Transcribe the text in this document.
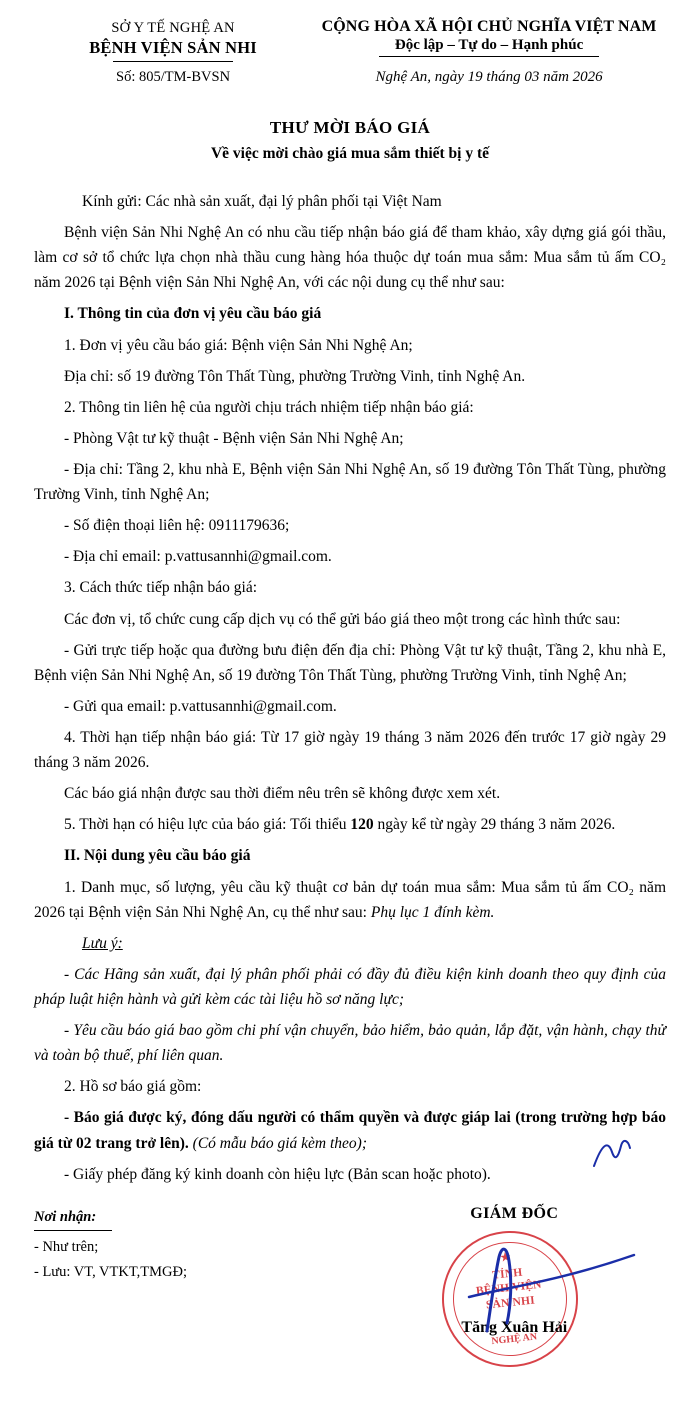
SỞ Y TẾ NGHỆ AN
BỆNH VIỆN SẢN NHI
Số: 805/TM-BVSN
CỘNG HÒA XÃ HỘI CHỦ NGHĨA VIỆT NAM
Độc lập – Tự do – Hạnh phúc
Nghệ An, ngày 19 tháng 03 năm 2026
THƯ MỜI BÁO GIÁ
Về việc mời chào giá mua sắm thiết bị y tế

Kính gửi: Các nhà sản xuất, đại lý phân phối tại Việt Nam

Bệnh viện Sản Nhi Nghệ An có nhu cầu tiếp nhận báo giá để tham khảo, xây dựng giá gói thầu, làm cơ sở tổ chức lựa chọn nhà thầu cung hàng hóa thuộc dự toán mua sắm: Mua sắm tủ ấm CO₂ năm 2026 tại Bệnh viện Sản Nhi Nghệ An, với các nội dung cụ thể như sau:

I. Thông tin của đơn vị yêu cầu báo giá

1. Đơn vị yêu cầu báo giá: Bệnh viện Sản Nhi Nghệ An;

Địa chỉ: số 19 đường Tôn Thất Tùng, phường Trường Vinh, tỉnh Nghệ An.

2. Thông tin liên hệ của người chịu trách nhiệm tiếp nhận báo giá:

- Phòng Vật tư kỹ thuật - Bệnh viện Sản Nhi Nghệ An;

- Địa chỉ: Tầng 2, khu nhà E, Bệnh viện Sản Nhi Nghệ An, số 19 đường Tôn Thất Tùng, phường Trường Vinh, tỉnh Nghệ An;

- Số điện thoại liên hệ: 0911179636;

- Địa chỉ email: p.vattusannhi@gmail.com.

3. Cách thức tiếp nhận báo giá:

Các đơn vị, tổ chức cung cấp dịch vụ có thể gửi báo giá theo một trong các hình thức sau:

- Gửi trực tiếp hoặc qua đường bưu điện đến địa chỉ: Phòng Vật tư kỹ thuật, Tầng 2, khu nhà E, Bệnh viện Sản Nhi Nghệ An, số 19 đường Tôn Thất Tùng, phường Trường Vinh, tỉnh Nghệ An;

- Gửi qua email: p.vattusannhi@gmail.com.

4. Thời hạn tiếp nhận báo giá: Từ 17 giờ ngày 19 tháng 3 năm 2026 đến trước 17 giờ ngày 29 tháng 3 năm 2026.

Các báo giá nhận được sau thời điểm nêu trên sẽ không được xem xét.

5. Thời hạn có hiệu lực của báo giá: Tối thiểu 120 ngày kể từ ngày 29 tháng 3 năm 2026.

II. Nội dung yêu cầu báo giá

1. Danh mục, số lượng, yêu cầu kỹ thuật cơ bản dự toán mua sắm: Mua sắm tủ ấm CO₂ năm 2026 tại Bệnh viện Sản Nhi Nghệ An, cụ thể như sau: Phụ lục 1 đính kèm.

Lưu ý:

- Các Hãng sản xuất, đại lý phân phối phải có đầy đủ điều kiện kinh doanh theo quy định của pháp luật hiện hành và gửi kèm các tài liệu hồ sơ năng lực;

- Yêu cầu báo giá bao gồm chi phí vận chuyển, bảo hiểm, bảo quản, lắp đặt, vận hành, chạy thử và toàn bộ thuế, phí liên quan.

2. Hồ sơ báo giá gồm:

- Báo giá được ký, đóng dấu người có thẩm quyền và được giáp lai (trong trường hợp báo giá từ 02 trang trở lên). (Có mẫu báo giá kèm theo);

- Giấy phép đăng ký kinh doanh còn hiệu lực (Bản scan hoặc photo).

Nơi nhận:
- Như trên;
- Lưu: VT, VTKT,TMGĐ;
GIÁM ĐỐC
★
TỈNH
BỆNH VIỆN
SẢN NHI
NGHỆ AN
Tăng Xuân Hải
